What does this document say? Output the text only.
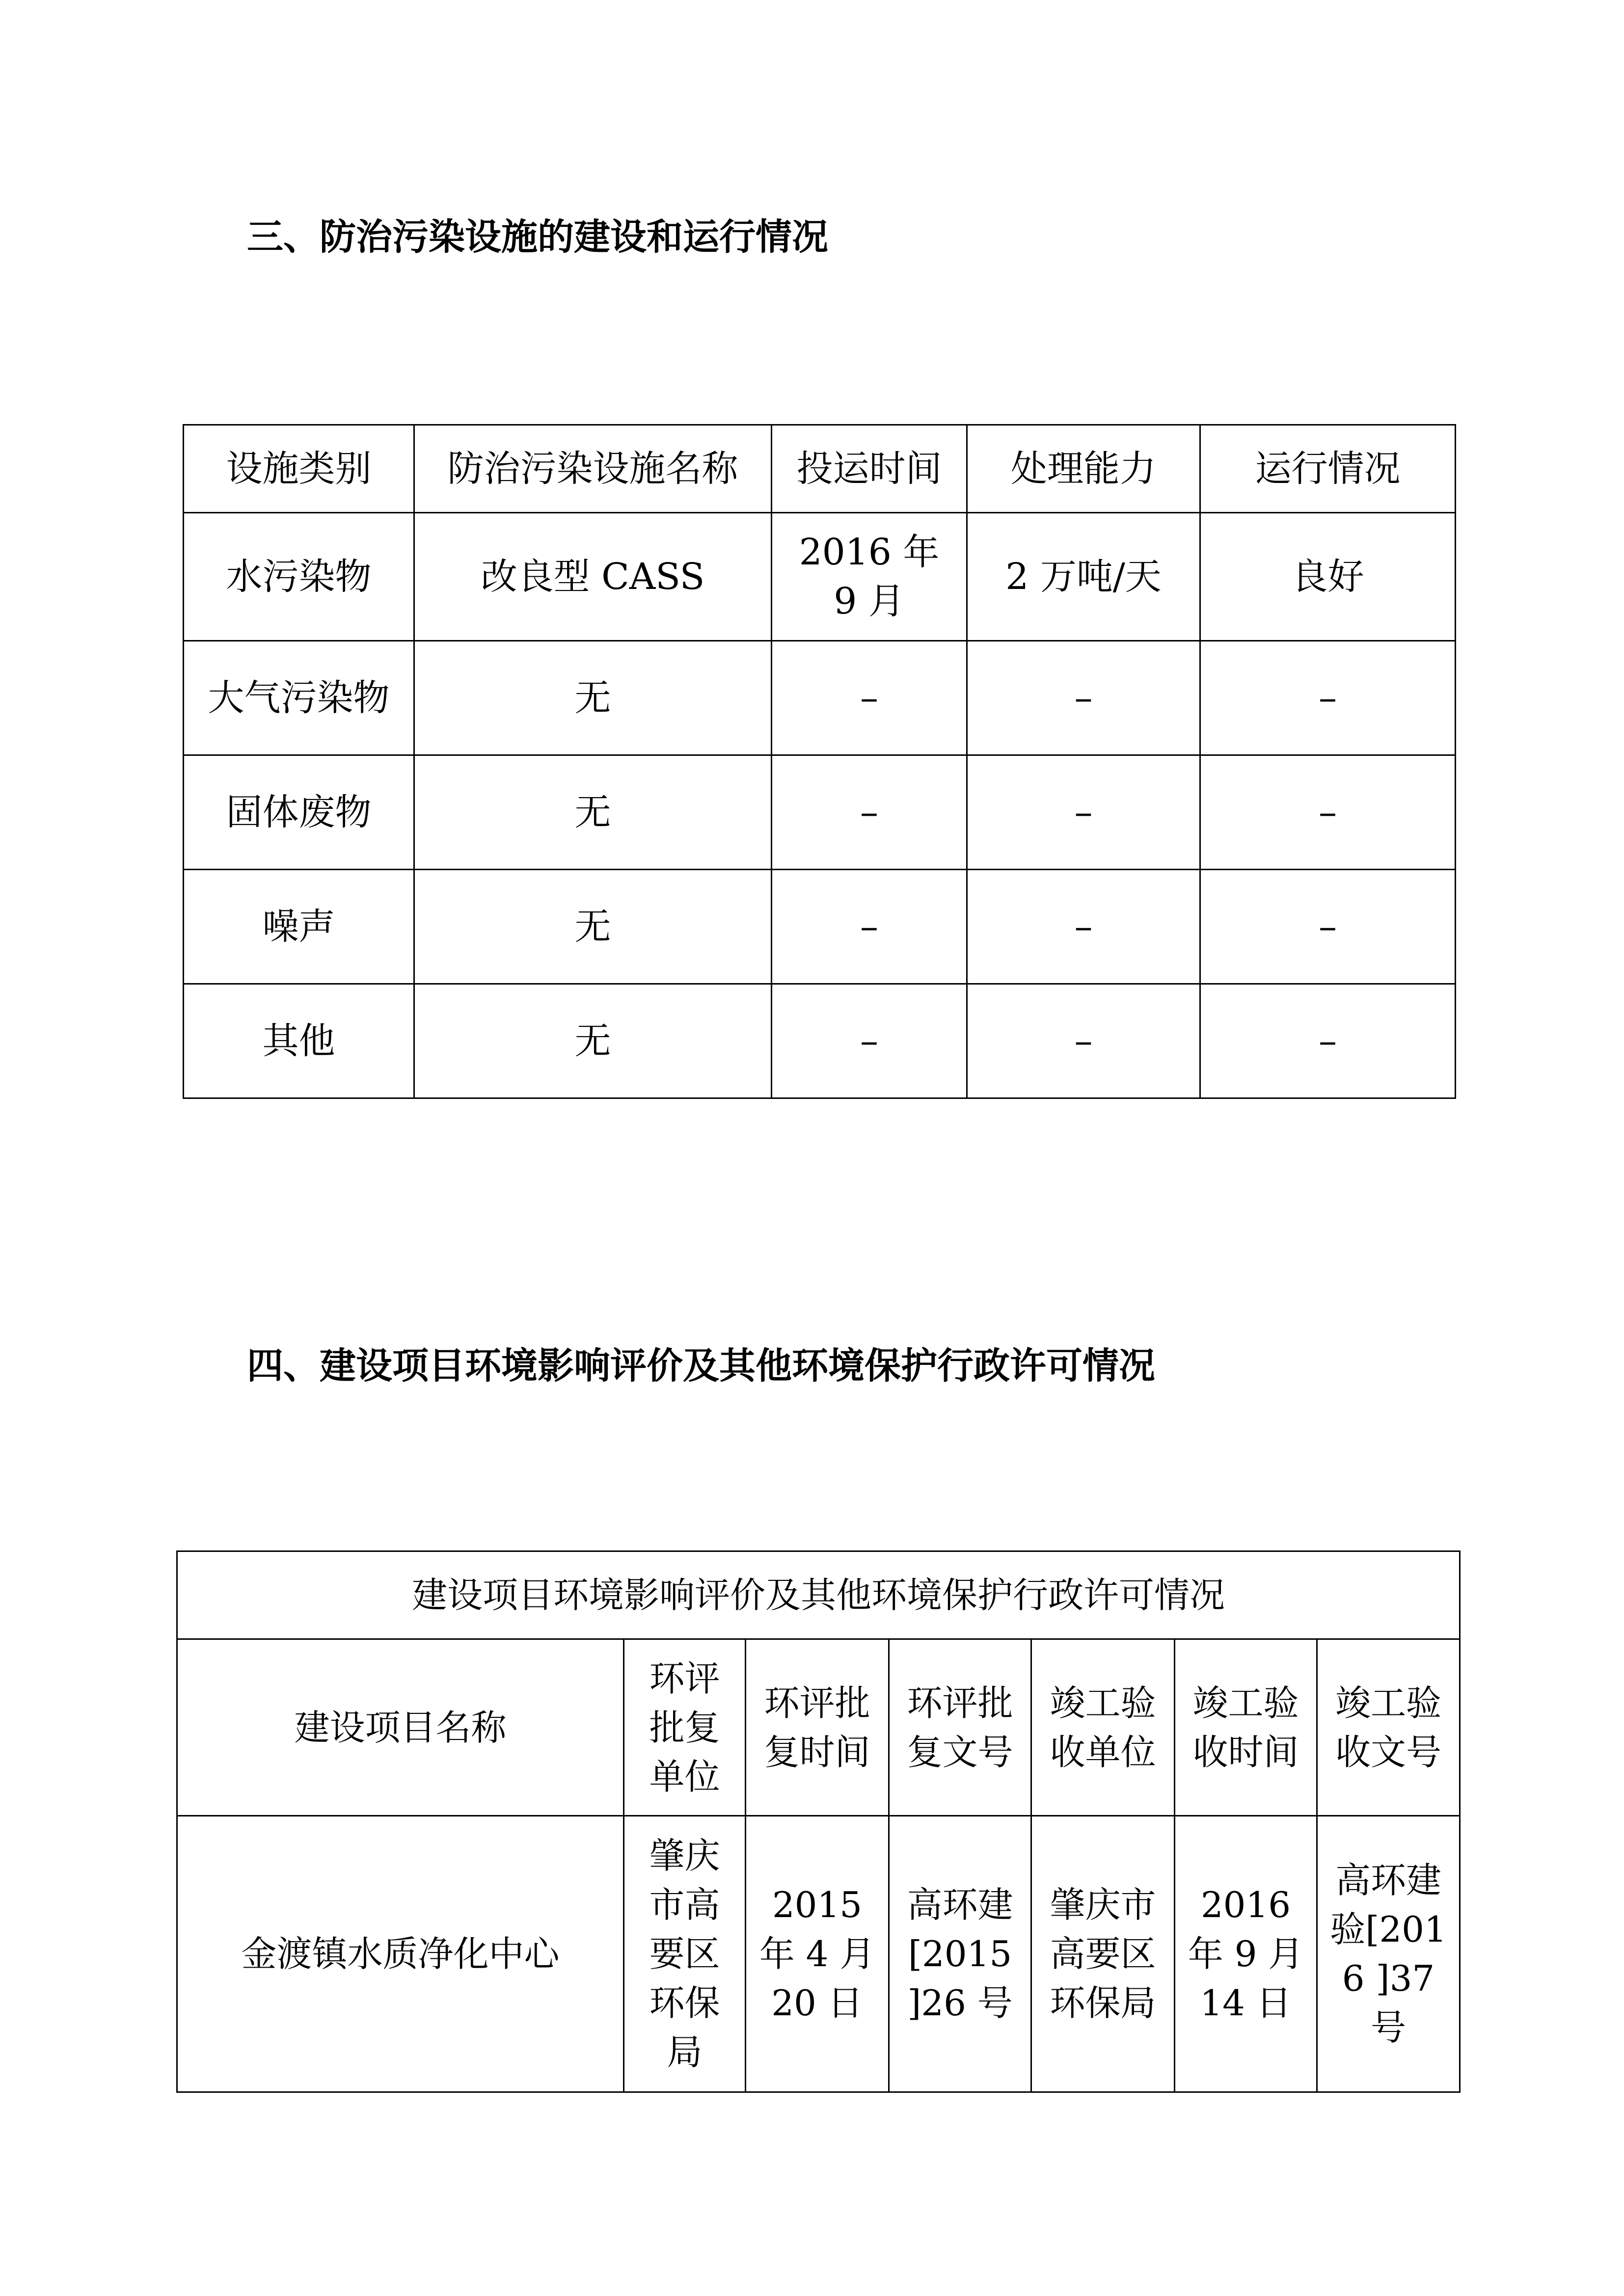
三、防治污染设施的建设和运行情况
设施类别	防治污染设施名称	投运时间	处理能力	运行情况
水污染物	改良型 CASS	2016 年 9 月	2 万吨/天	良好
大气污染物	无	–	–	–
固体废物	无	–	–	–
噪声	无	–	–	–
其他	无	–	–	–
四、建设项目环境影响评价及其他环境保护行政许可情况
建设项目环境影响评价及其他环境保护行政许可情况						
建设项目名称	环评批复单位	环评批复时间	环评批复文号	竣工验收单位	竣工验收时间	竣工验收文号
金渡镇水质净化中心	肇庆市高要区环保局	2015 年 4 月 20 日	高环建[2015 ]26 号	肇庆市高要区环保局	2016 年 9 月 14 日	高环建验[2016 ]37 号
